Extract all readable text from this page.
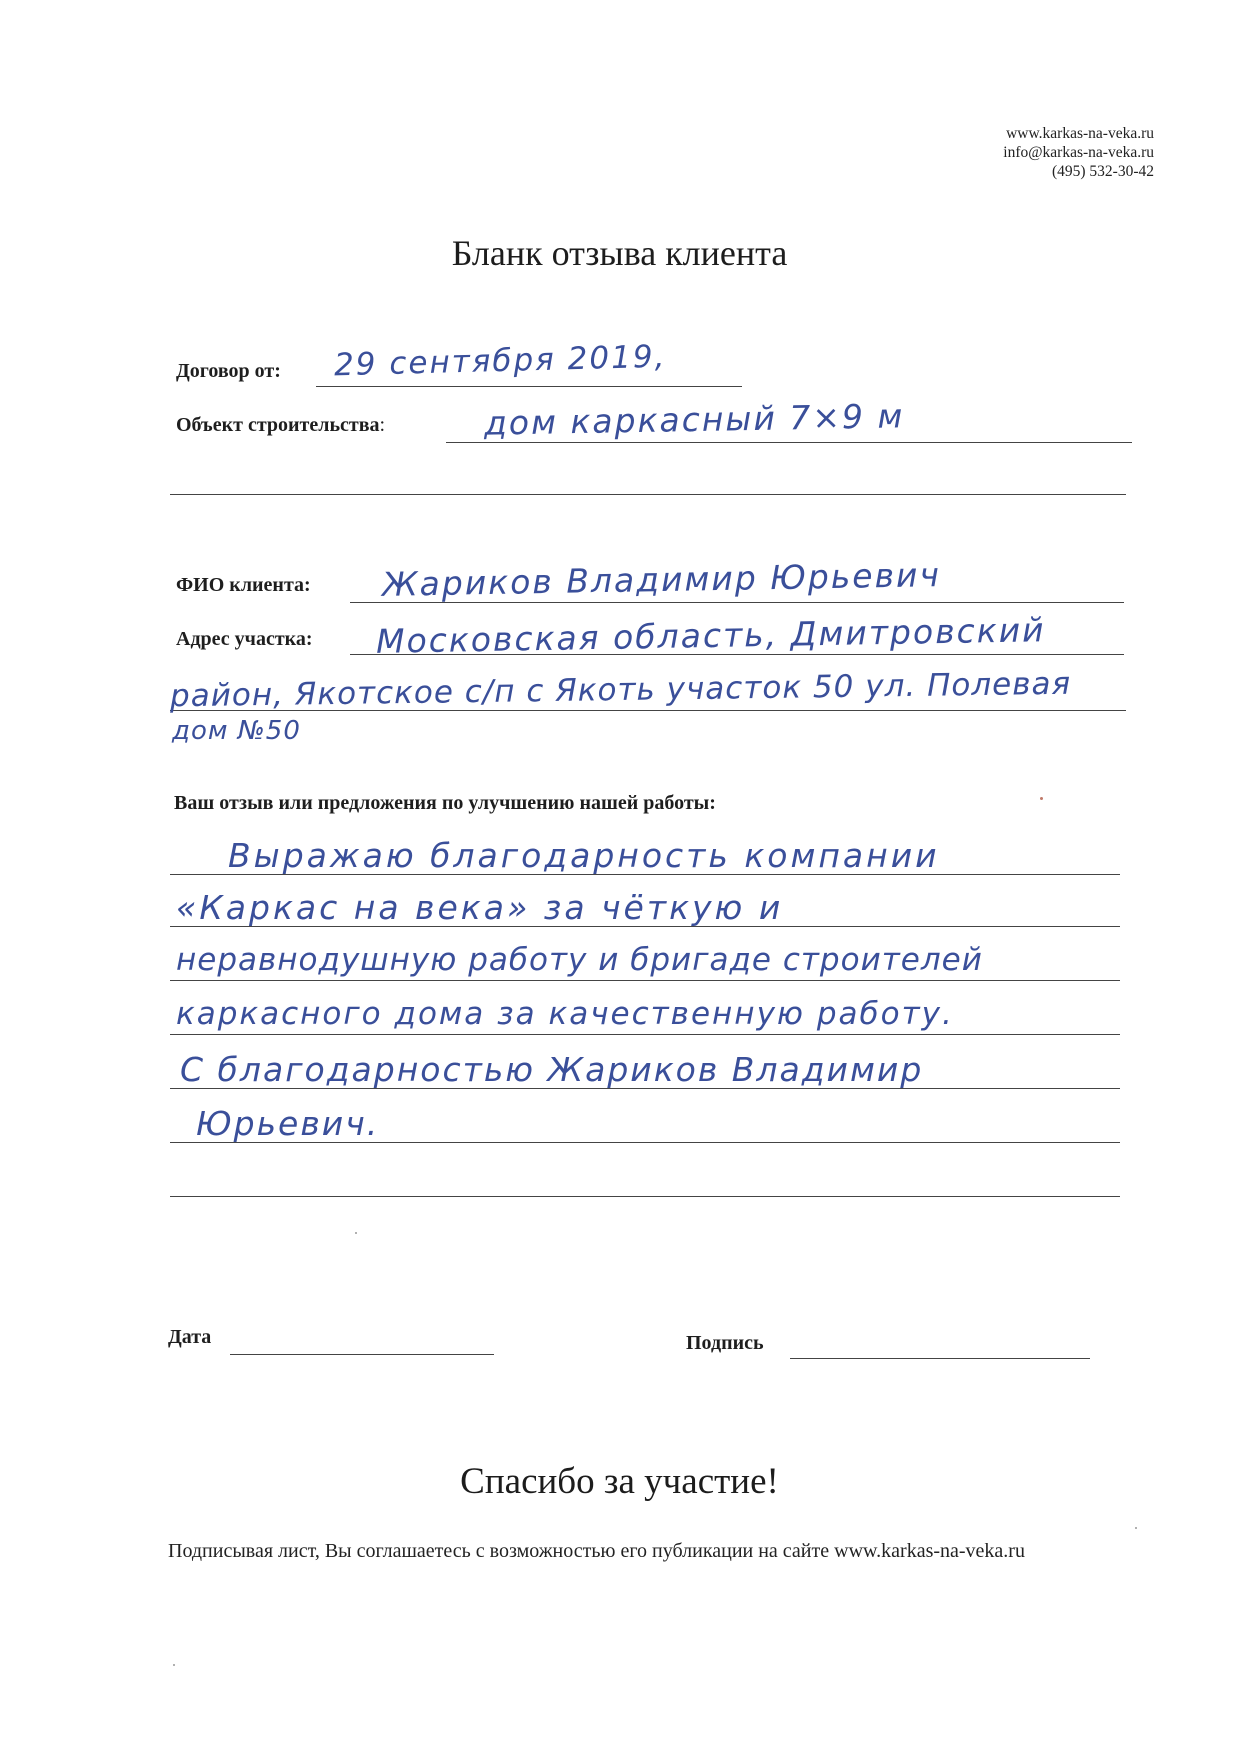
www.karkas-na-veka.ru
info@karkas-na-veka.ru
(495) 532-30-42
Бланк отзыва клиента
Договор от: 29 сентября 2019,
Объект строительства:	дом каркасный 7×9 м
ФИО клиента: Жариков Владимир Юрьевич
Адрес участка: Московская область, Дмитровский
район, Якотское с/п с Якоть участок 50 ул. Полевая
дом №50
Ваш отзыв или предложения по улучшению нашей работы:
Выражаю благодарность компании
«Каркас на века» за чёткую и
неравнодушную работу и бригаде строителей
каркасного дома за качественную работу.
С благодарностью Жариков Владимир
Юрьевич.
Дата	Подпись
Спасибо за участие!
Подписывая лист, Вы соглашаетесь с возможностью его публикации на сайте www.karkas-na-veka.ru
